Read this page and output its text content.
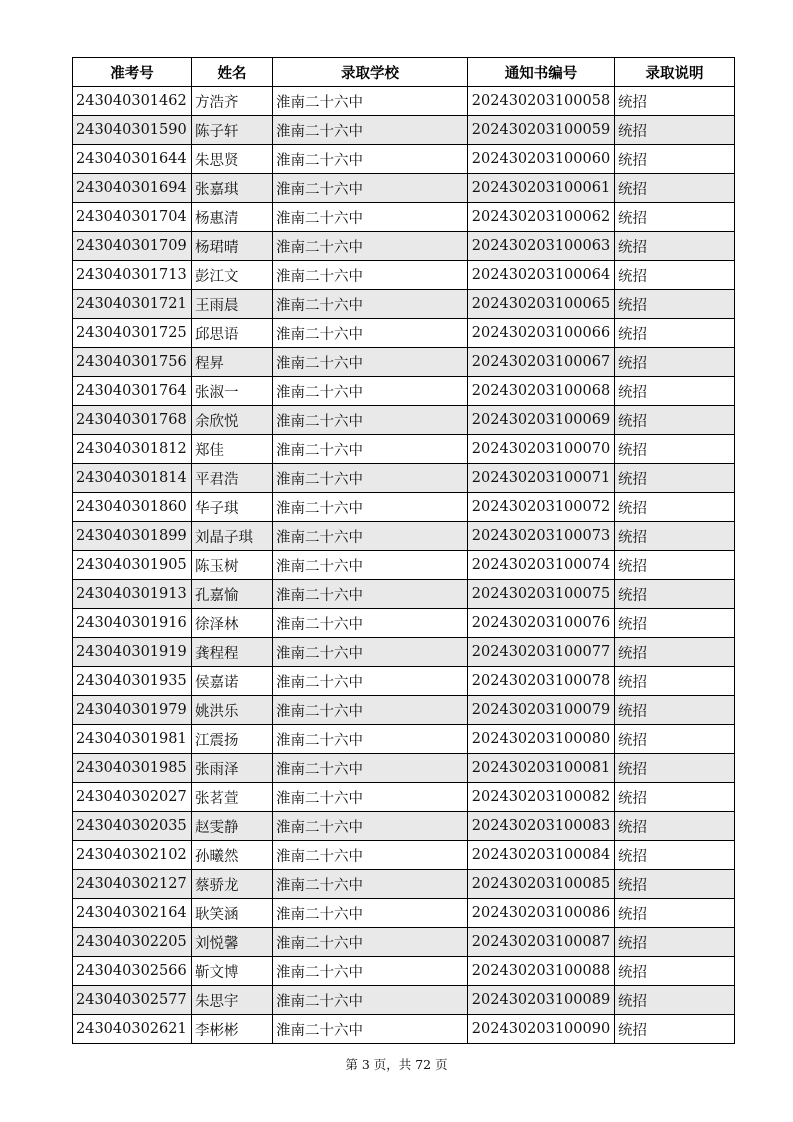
准考号	姓名	录取学校	通知书编号	录取说明
243040301462	方浩齐	淮南二十六中	202430203100058	统招
243040301590	陈子轩	淮南二十六中	202430203100059	统招
243040301644	朱思贤	淮南二十六中	202430203100060	统招
243040301694	张嘉琪	淮南二十六中	202430203100061	统招
243040301704	杨惠清	淮南二十六中	202430203100062	统招
243040301709	杨珺晴	淮南二十六中	202430203100063	统招
243040301713	彭江文	淮南二十六中	202430203100064	统招
243040301721	王雨晨	淮南二十六中	202430203100065	统招
243040301725	邱思语	淮南二十六中	202430203100066	统招
243040301756	程昇	淮南二十六中	202430203100067	统招
243040301764	张淑一	淮南二十六中	202430203100068	统招
243040301768	余欣悦	淮南二十六中	202430203100069	统招
243040301812	郑佳	淮南二十六中	202430203100070	统招
243040301814	平君浩	淮南二十六中	202430203100071	统招
243040301860	华子琪	淮南二十六中	202430203100072	统招
243040301899	刘晶子琪	淮南二十六中	202430203100073	统招
243040301905	陈玉树	淮南二十六中	202430203100074	统招
243040301913	孔嘉愉	淮南二十六中	202430203100075	统招
243040301916	徐泽林	淮南二十六中	202430203100076	统招
243040301919	龚程程	淮南二十六中	202430203100077	统招
243040301935	侯嘉诺	淮南二十六中	202430203100078	统招
243040301979	姚洪乐	淮南二十六中	202430203100079	统招
243040301981	江震扬	淮南二十六中	202430203100080	统招
243040301985	张雨泽	淮南二十六中	202430203100081	统招
243040302027	张茗萱	淮南二十六中	202430203100082	统招
243040302035	赵雯静	淮南二十六中	202430203100083	统招
243040302102	孙曦然	淮南二十六中	202430203100084	统招
243040302127	蔡骄龙	淮南二十六中	202430203100085	统招
243040302164	耿笑涵	淮南二十六中	202430203100086	统招
243040302205	刘悦馨	淮南二十六中	202430203100087	统招
243040302566	靳文博	淮南二十六中	202430203100088	统招
243040302577	朱思宇	淮南二十六中	202430203100089	统招
243040302621	李彬彬	淮南二十六中	202430203100090	统招
第 3 页，共 72 页
